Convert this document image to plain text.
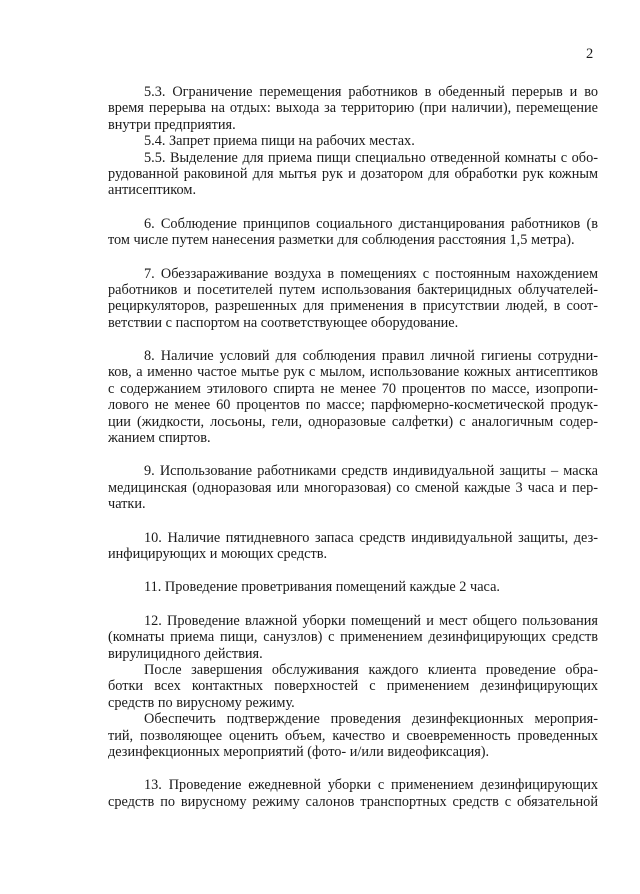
2
5.3. Ограничение перемещения работников в обеденный перерыв и во
время перерыва на отдых: выхода за территорию (при наличии), перемещение
внутри предприятия.
5.4. Запрет приема пищи на рабочих местах.
5.5. Выделение для приема пищи специально отведенной комнаты с обо-
рудованной раковиной для мытья рук и дозатором для обработки рук кожным
антисептиком.
6. Соблюдение принципов социального дистанцирования работников (в
том числе путем нанесения разметки для соблюдения расстояния 1,5 метра).
7. Обеззараживание воздуха в помещениях с постоянным нахождением
работников и посетителей путем использования бактерицидных облучателей-
рециркуляторов, разрешенных для применения в присутствии людей, в соот-
ветствии с паспортом на соответствующее оборудование.
8. Наличие условий для соблюдения правил личной гигиены сотрудни-
ков, а именно частое мытье рук с мылом, использование кожных антисептиков
с содержанием этилового спирта не менее 70 процентов по массе, изопропи-
лового не менее 60 процентов по массе; парфюмерно-косметической продук-
ции (жидкости, лосьоны, гели, одноразовые салфетки) с аналогичным содер-
жанием спиртов.
9. Использование работниками средств индивидуальной защиты – маска
медицинская (одноразовая или многоразовая) со сменой каждые 3 часа и пер-
чатки.
10. Наличие пятидневного запаса средств индивидуальной защиты, дез-
инфицирующих и моющих средств.
11. Проведение проветривания помещений каждые 2 часа.
12. Проведение влажной уборки помещений и мест общего пользования
(комнаты приема пищи, санузлов) с применением дезинфицирующих средств
вирулицидного действия.
После завершения обслуживания каждого клиента проведение обра-
ботки всех контактных поверхностей с применением дезинфицирующих
средств по вирусному режиму.
Обеспечить подтверждение проведения дезинфекционных мероприя-
тий, позволяющее оценить объем, качество и своевременность проведенных
дезинфекционных мероприятий (фото- и/или видеофиксация).
13. Проведение ежедневной уборки с применением дезинфицирующих
средств по вирусному режиму салонов транспортных средств с обязательной
